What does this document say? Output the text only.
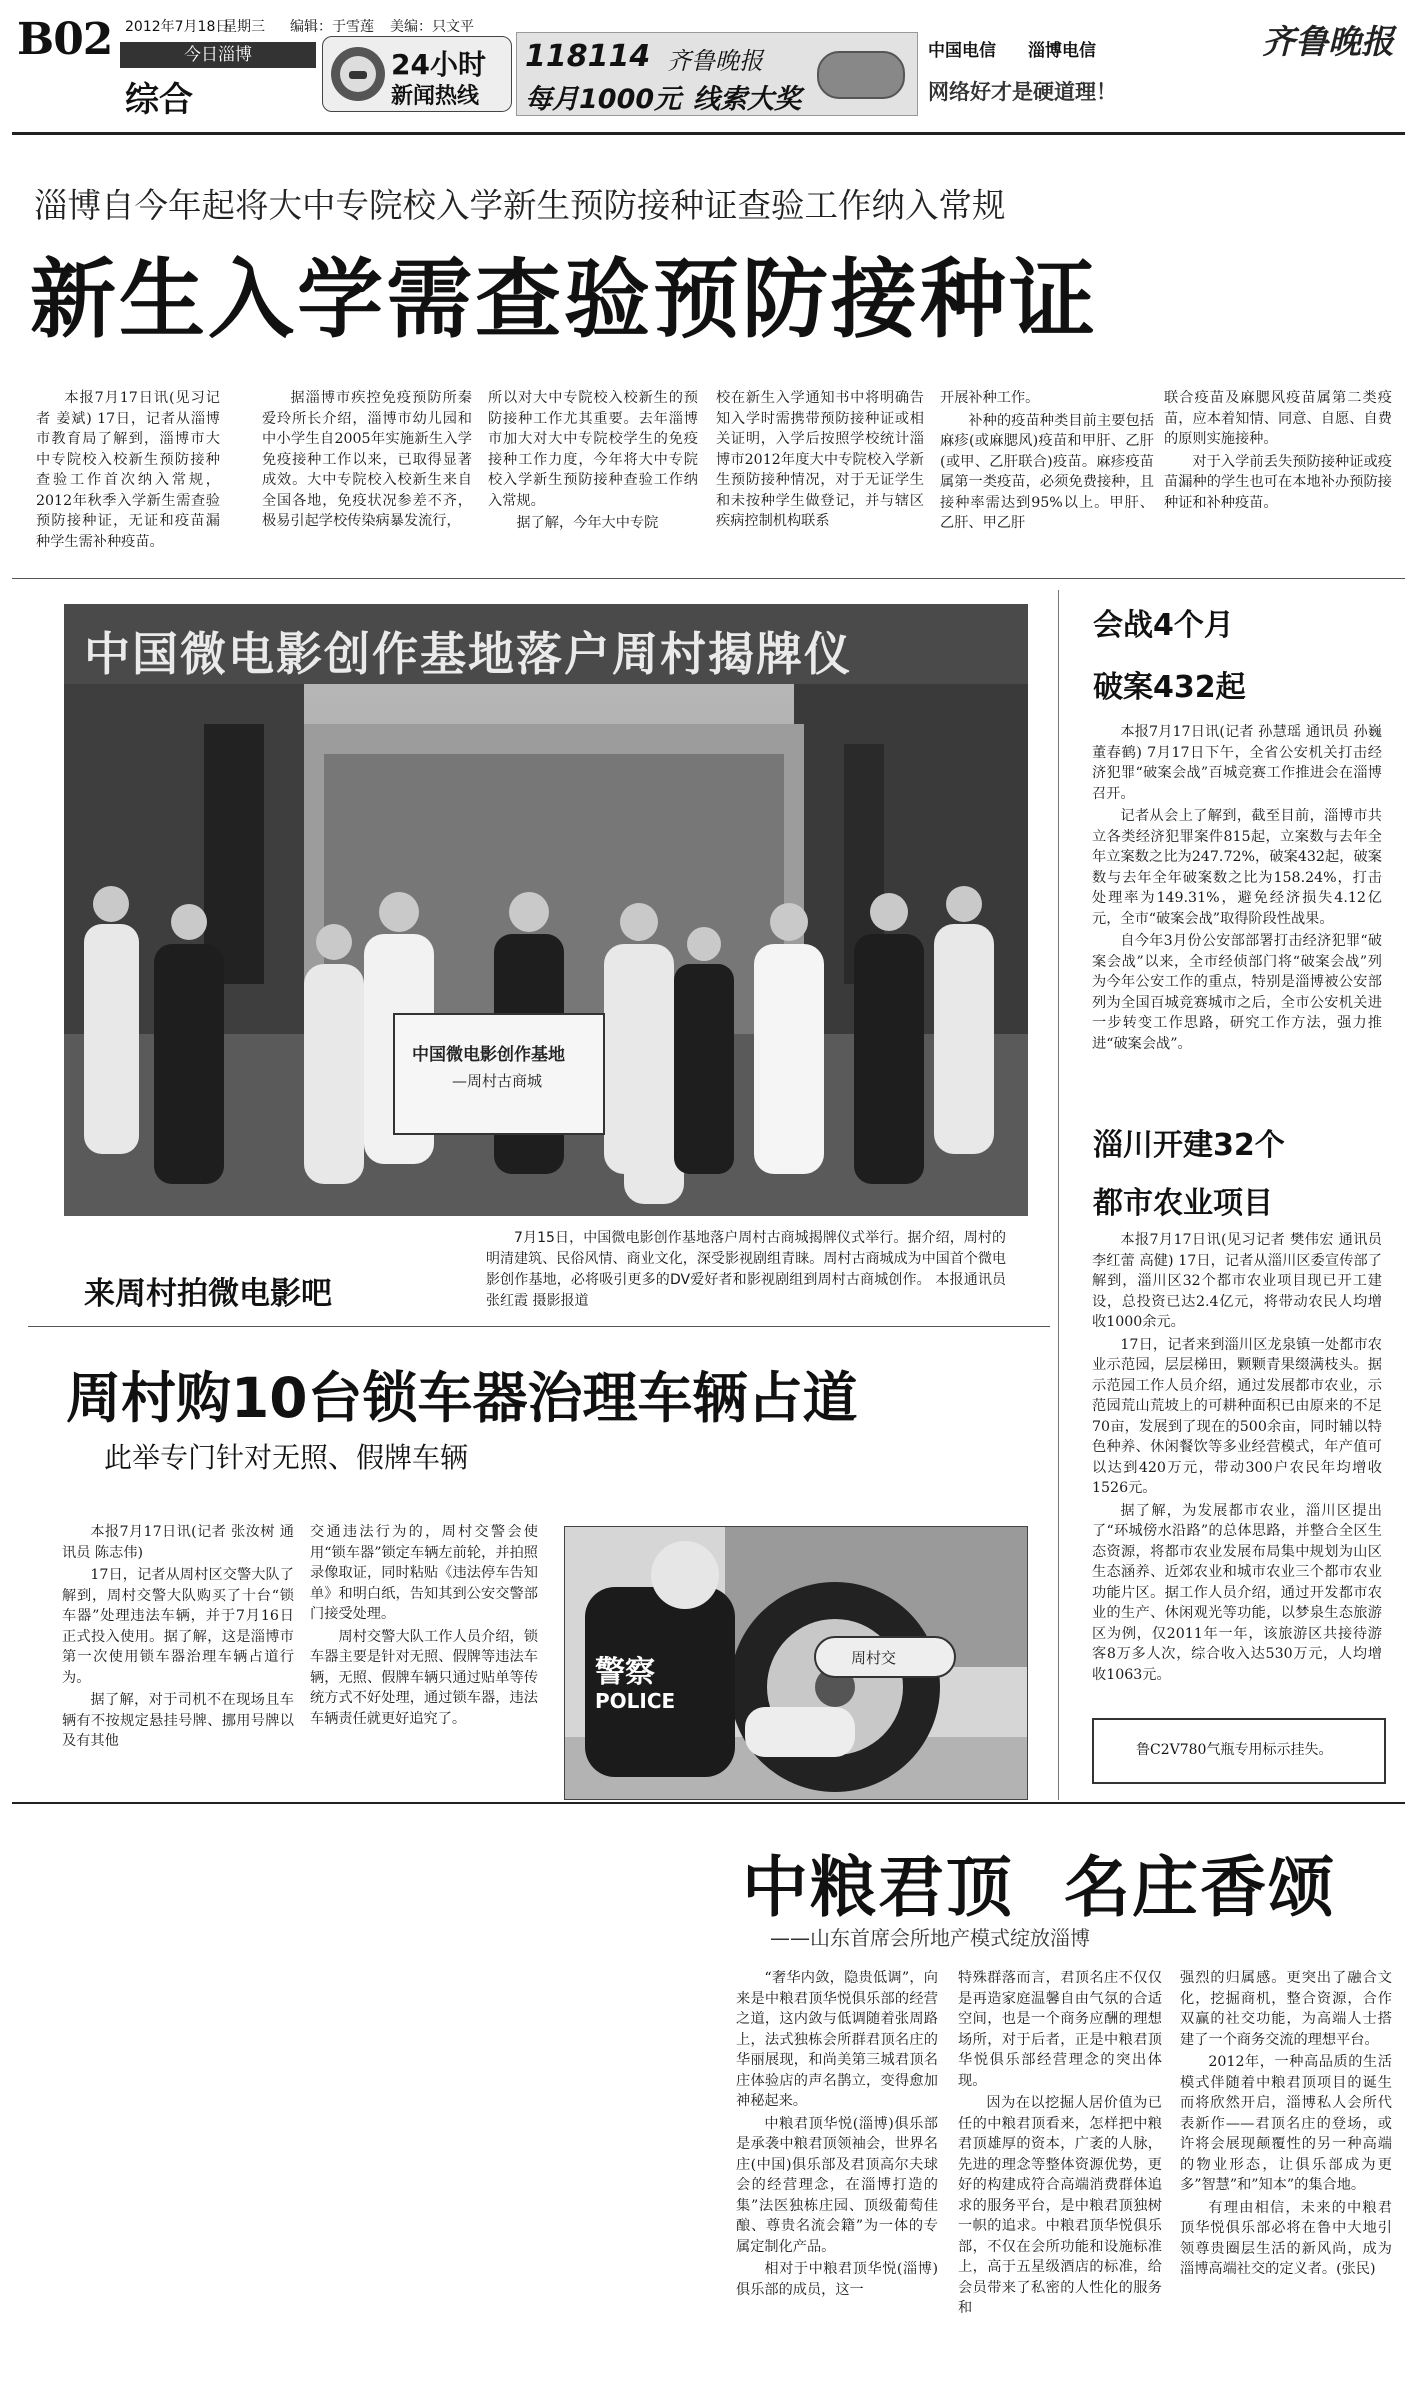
B02 2012年7月18日
星期三 编辑：于雪莲 美编：只文平
今日淄博
综合
24小时
新闻热线
118114 齐鲁晚报
每月1000元 线索大奖
中国电信 淄博电信
网络好才是硬道理！
齐鲁晚报
淄博自今年起将大中专院校入学新生预防接种证查验工作纳入常规
新生入学需查验预防接种证

本报7月17日讯(见习记者 姜斌) 17日，记者从淄博市教育局了解到，淄博市大中专院校入校新生预防接种查验工作首次纳入常规，2012年秋季入学新生需查验预防接种证，无证和疫苗漏种学生需补种疫苗。

据淄博市疾控免疫预防所秦爱玲所长介绍，淄博市幼儿园和中小学生自2005年实施新生入学免疫接种工作以来，已取得显著成效。大中专院校入校新生来自全国各地，免疫状况参差不齐，极易引起学校传染病暴发流行，

所以对大中专院校入校新生的预防接种工作尤其重要。去年淄博市加大对大中专院校学生的免疫接种工作力度，今年将大中专院校入学新生预防接种查验工作纳入常规。

据了解，今年大中专院

校在新生入学通知书中将明确告知入学时需携带预防接种证或相关证明，入学后按照学校统计淄博市2012年度大中专院校入学新生预防接种情况，对于无证学生和未按种学生做登记，并与辖区疾病控制机构联系

开展补种工作。

补种的疫苗种类目前主要包括麻疹(或麻腮风)疫苗和甲肝、乙肝(或甲、乙肝联合)疫苗。麻疹疫苗属第一类疫苗，必须免费接种，且接种率需达到95%以上。甲肝、乙肝、甲乙肝

联合疫苗及麻腮风疫苗属第二类疫苗，应本着知情、同意、自愿、自费的原则实施接种。

对于入学前丢失预防接种证或疫苗漏种的学生也可在本地补办预防接种证和补种疫苗。

中国微电影创作基地落户周村揭牌仪
中国微电影创作基地
—周村古商城
来周村拍微电影吧

7月15日，中国微电影创作基地落户周村古商城揭牌仪式举行。据介绍，周村的明清建筑、民俗风情、商业文化，深受影视剧组青睐。周村古商城成为中国首个微电影创作基地，必将吸引更多的DV爱好者和影视剧组到周村古商城创作。 本报通讯员 张红霞 摄影报道

会战4个月
破案432起

本报7月17日讯(记者 孙慧瑶 通讯员 孙巍 董春鹤) 7月17日下午，全省公安机关打击经济犯罪“破案会战”百城竞赛工作推进会在淄博召开。

记者从会上了解到，截至目前，淄博市共立各类经济犯罪案件815起，立案数与去年全年立案数之比为247.72%，破案432起，破案数与去年全年破案数之比为158.24%，打击处理率为149.31%，避免经济损失4.12亿元，全市“破案会战”取得阶段性战果。

自今年3月份公安部部署打击经济犯罪“破案会战”以来，全市经侦部门将“破案会战”列为今年公安工作的重点，特别是淄博被公安部列为全国百城竞赛城市之后，全市公安机关进一步转变工作思路，研究工作方法，强力推进“破案会战”。

淄川开建32个
都市农业项目

本报7月17日讯(见习记者 樊伟宏 通讯员 李红蕾 高健) 17日，记者从淄川区委宣传部了解到，淄川区32个都市农业项目现已开工建设，总投资已达2.4亿元，将带动农民人均增收1000余元。

17日，记者来到淄川区龙泉镇一处都市农业示范园，层层梯田，颗颗青果缀满枝头。据示范园工作人员介绍，通过发展都市农业，示范园荒山荒坡上的可耕种面积已由原来的不足70亩，发展到了现在的500余亩，同时辅以特色种养、休闲餐饮等多业经营模式，年产值可以达到420万元，带动300户农民年均增收1526元。

据了解，为发展都市农业，淄川区提出了“环城傍水沿路”的总体思路，并整合全区生态资源，将都市农业发展布局集中规划为山区生态涵养、近郊农业和城市农业三个都市农业功能片区。据工作人员介绍，通过开发都市农业的生产、休闲观光等功能，以梦泉生态旅游区为例，仅2011年一年，该旅游区共接待游客8万多人次，综合收入达530万元，人均增收1063元。

鲁C2V780气瓶专用标示挂失。
周村购10台锁车器治理车辆占道
此举专门针对无照、假牌车辆

本报7月17日讯(记者 张汝树 通讯员 陈志伟)

17日，记者从周村区交警大队了解到，周村交警大队购买了十台“锁车器”处理违法车辆，并于7月16日正式投入使用。据了解，这是淄博市第一次使用锁车器治理车辆占道行为。

据了解，对于司机不在现场且车辆有不按规定悬挂号牌、挪用号牌以及有其他

交通违法行为的，周村交警会使用“锁车器”锁定车辆左前轮，并拍照录像取证，同时粘贴《违法停车告知单》和明白纸，告知其到公安交警部门接受处理。

周村交警大队工作人员介绍，锁车器主要是针对无照、假牌等违法车辆，无照、假牌车辆只通过贴单等传统方式不好处理，通过锁车器，违法车辆责任就更好追究了。

警察
POLICE
周村交
中粮君顶  名庄香颂
——山东首席会所地产模式绽放淄博

“奢华内敛，隐贵低调”，向来是中粮君顶华悦俱乐部的经营之道，这内敛与低调随着张周路上，法式独栋会所群君顶名庄的华丽展现，和尚美第三城君顶名庄体验店的声名鹊立，变得愈加神秘起来。

中粮君顶华悦(淄博)俱乐部是承袭中粮君顶领袖会，世界名庄(中国)俱乐部及君顶高尔夫球会的经营理念，在淄博打造的集”法医独栋庄园、顶级葡萄佳酿、尊贵名流会籍”为一体的专属定制化产品。

相对于中粮君顶华悦(淄博)俱乐部的成员，这一

特殊群落而言，君顶名庄不仅仅是再造家庭温馨自由气氛的合适空间，也是一个商务应酬的理想场所，对于后者，正是中粮君顶华悦俱乐部经营理念的突出体现。

因为在以挖掘人居价值为已任的中粮君顶看来，怎样把中粮君顶雄厚的资本，广袤的人脉，先进的理念等整体资源优势，更好的构建成符合高端消费群体追求的服务平台，是中粮君顶独树一帜的追求。中粮君顶华悦俱乐部，不仅在会所功能和设施标准上，高于五星级酒店的标准，给会员带来了私密的人性化的服务和

强烈的归属感。更突出了融合文化，挖掘商机，整合资源，合作双赢的社交功能，为高端人士搭建了一个商务交流的理想平台。

2012年，一种高品质的生活模式伴随着中粮君顶项目的诞生而将欣然开启，淄博私人会所代表新作——君顶名庄的登场，或许将会展现颠覆性的另一种高端的物业形态，让俱乐部成为更多”智慧”和”知本”的集合地。

有理由相信，未来的中粮君顶华悦俱乐部必将在鲁中大地引领尊贵圈层生活的新风尚，成为淄博高端社交的定义者。(张民)
